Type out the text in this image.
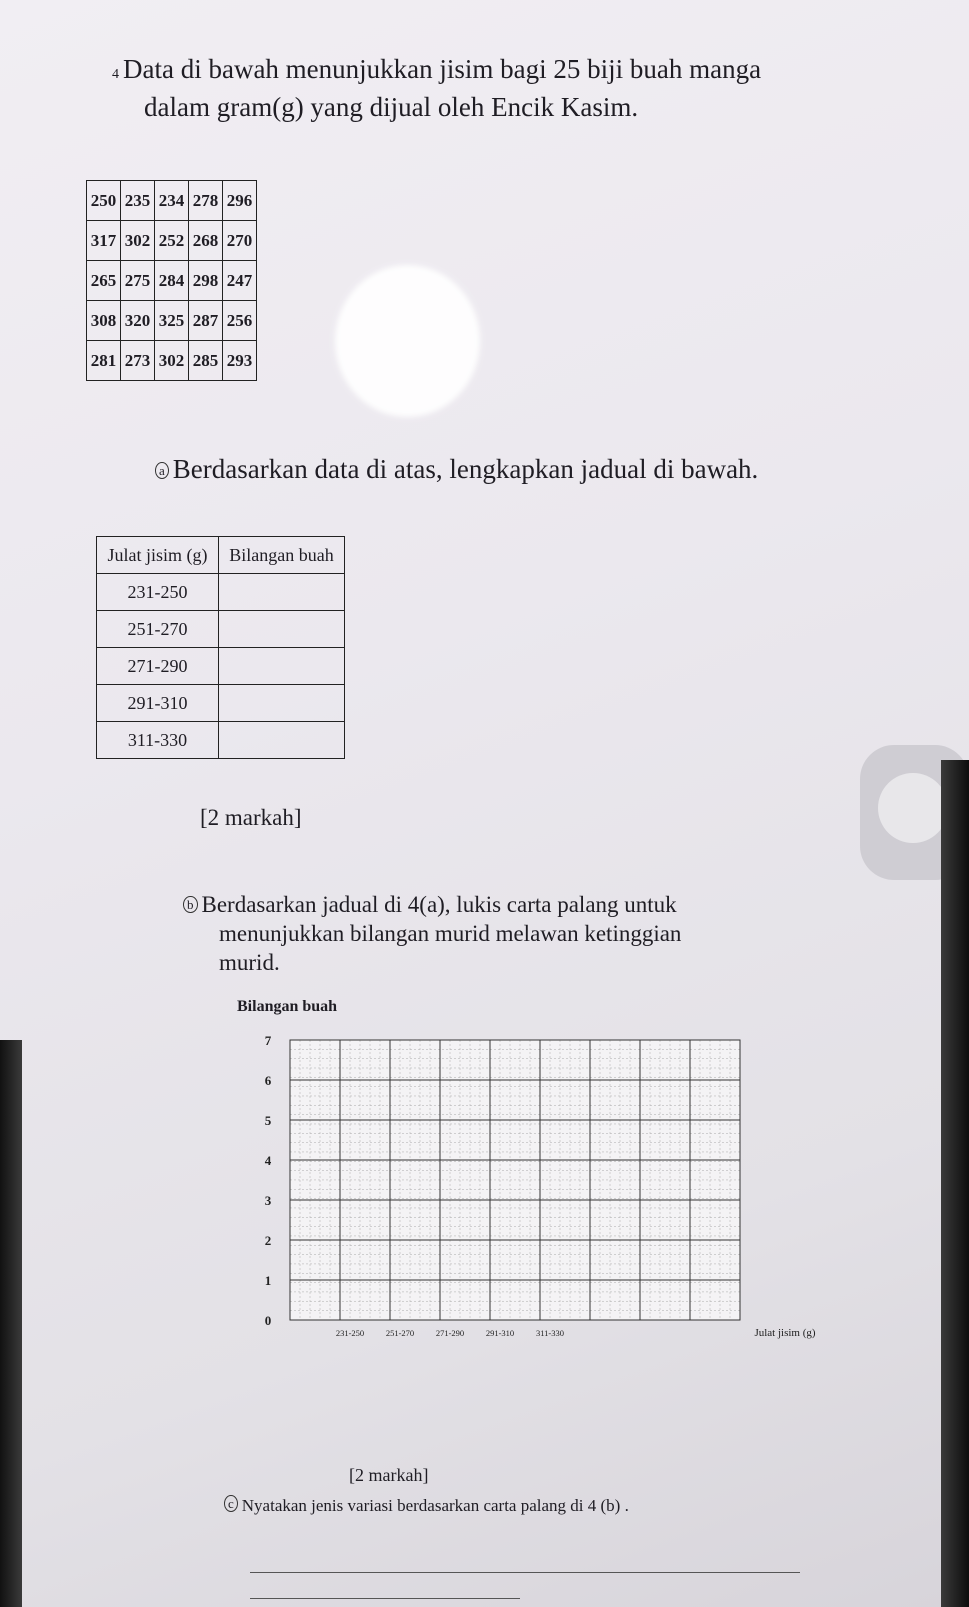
4 Data di bawah menunjukkan jisim bagi 25 biji buah manga
dalam gram(g) yang dijual oleh Encik Kasim.
250	235	234	278	296
317	302	252	268	270
265	275	284	298	247
308	320	325	287	256
281	273	302	285	293
a Berdasarkan data di atas, lengkapkan jadual di bawah.
Julat jisim (g)	Bilangan buah
231-250	
251-270	
271-290	
291-310	
311-330	
[2 markah]
b Berdasarkan jadual di 4(a), lukis carta palang untuk
menunjukkan bilangan murid melawan ketinggian
murid.
Bilangan buah
0
1
2
3
4
5
6
7
231-250	251-270	271-290	291-310	311-330	Julat jisim (g)
[2 markah]
c Nyatakan jenis variasi berdasarkan carta palang di 4 (b) .
